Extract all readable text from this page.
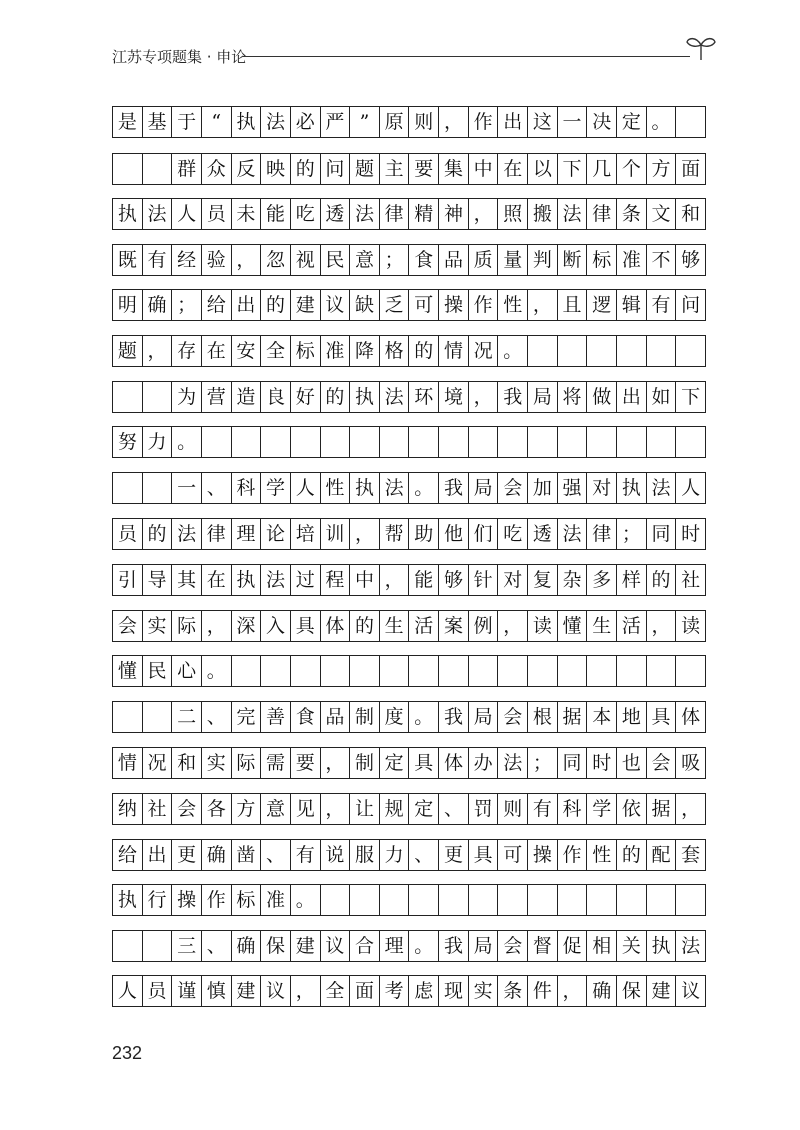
江苏专项题集 · 申论
是 基 于 “ 执 法 必 严 ” 原 则 ， 作 出 这 一 决 定 。
群 众 反 映 的 问 题 主 要 集 中 在 以 下 几 个 方 面
执 法 人 员 未 能 吃 透 法 律 精 神 ， 照 搬 法 律 条 文 和
既 有 经 验 ， 忽 视 民 意 ； 食 品 质 量 判 断 标 准 不 够
明 确 ； 给 出 的 建 议 缺 乏 可 操 作 性 ， 且 逻 辑 有 问
题 ， 存 在 安 全 标 准 降 格 的 情 况 。
为 营 造 良 好 的 执 法 环 境 ， 我 局 将 做 出 如 下
努 力 。
一 、 科 学 人 性 执 法 。 我 局 会 加 强 对 执 法 人
员 的 法 律 理 论 培 训 ， 帮 助 他 们 吃 透 法 律 ； 同 时
引 导 其 在 执 法 过 程 中 ， 能 够 针 对 复 杂 多 样 的 社
会 实 际 ， 深 入 具 体 的 生 活 案 例 ， 读 懂 生 活 ， 读
懂 民 心 。
二 、 完 善 食 品 制 度 。 我 局 会 根 据 本 地 具 体
情 况 和 实 际 需 要 ， 制 定 具 体 办 法 ； 同 时 也 会 吸
纳 社 会 各 方 意 见 ， 让 规 定 、 罚 则 有 科 学 依 据 ，
给 出 更 确 凿 、 有 说 服 力 、 更 具 可 操 作 性 的 配 套
执 行 操 作 标 准 。
三 、 确 保 建 议 合 理 。 我 局 会 督 促 相 关 执 法
人 员 谨 慎 建 议 ， 全 面 考 虑 现 实 条 件 ， 确 保 建 议
232
